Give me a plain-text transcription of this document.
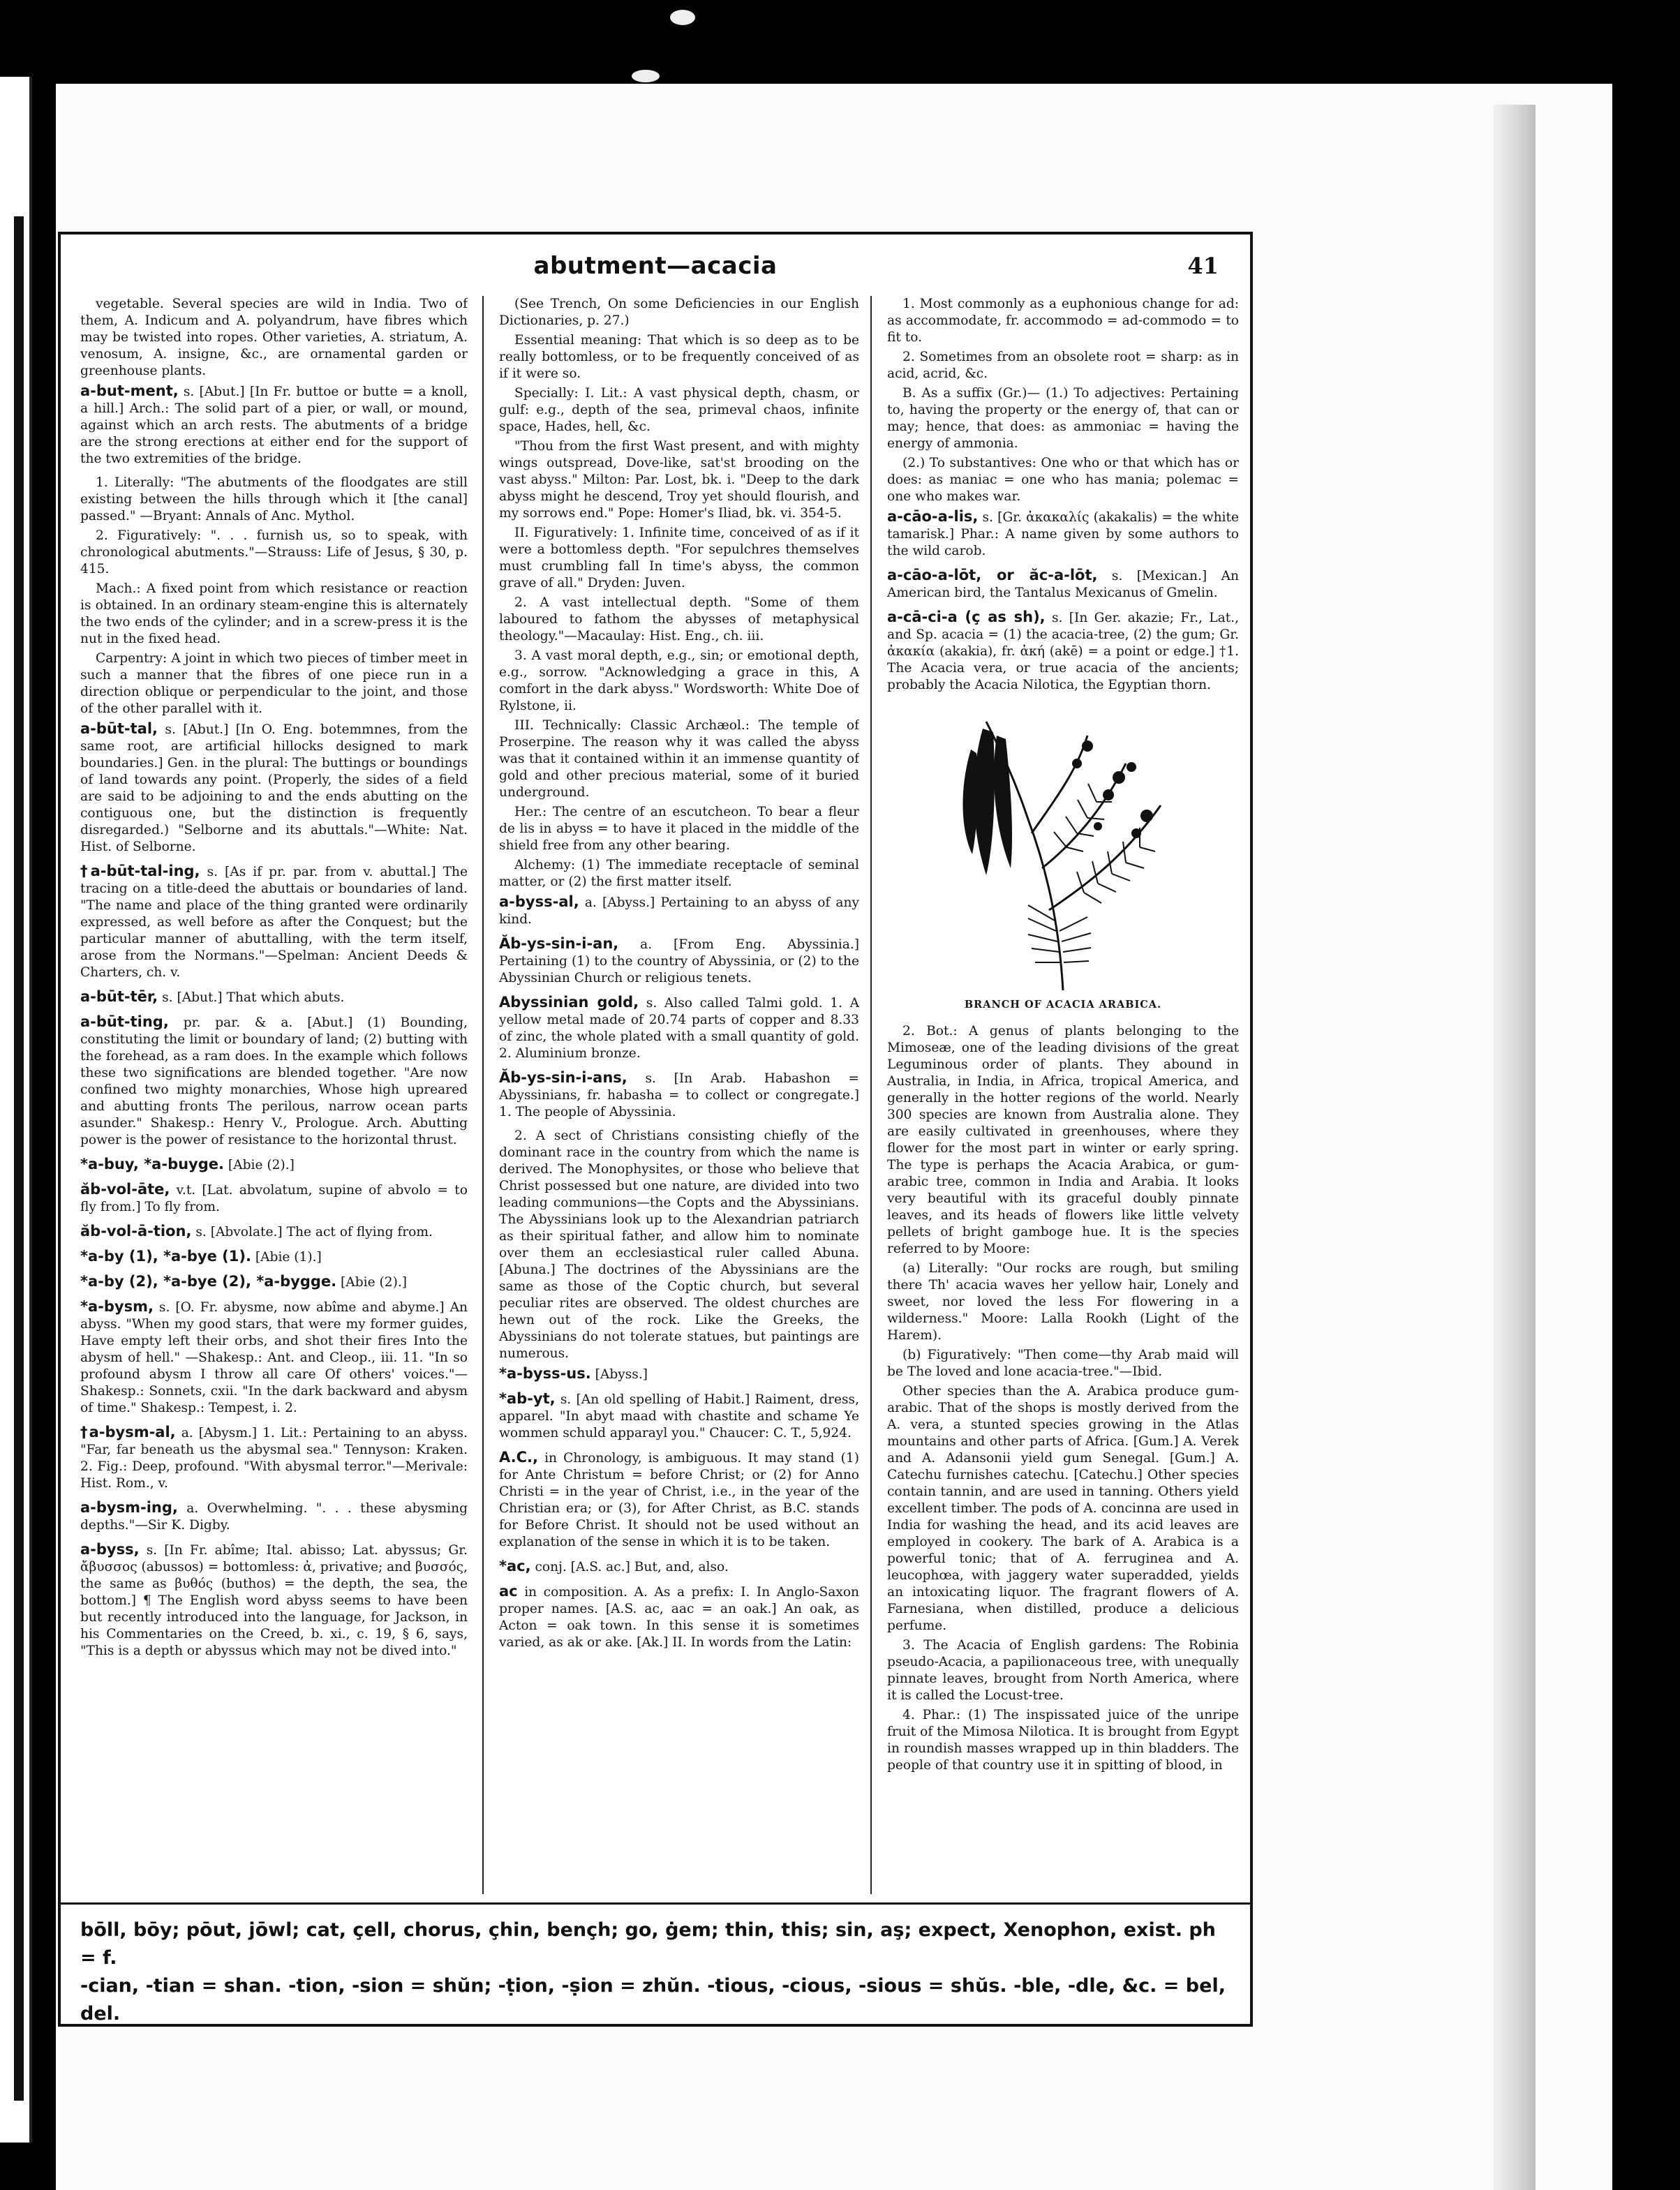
abutment—acacia	41

vegetable. Several species are wild in India. Two of them, A. Indicum and A. polyandrum, have fibres which may be twisted into ropes. Other varieties, A. striatum, A. venosum, A. insigne, &c., are ornamental garden or greenhouse plants.

a-but-ment, s. [Abut.] [In Fr. buttoe or butte = a knoll, a hill.] Arch.: The solid part of a pier, or wall, or mound, against which an arch rests. The abutments of a bridge are the strong erections at either end for the support of the two extremities of the bridge.

1. Literally: "The abutments of the floodgates are still existing between the hills through which it [the canal] passed." —Bryant: Annals of Anc. Mythol.

2. Figuratively: ". . . furnish us, so to speak, with chronological abutments."—Strauss: Life of Jesus, § 30, p. 415.

Mach.: A fixed point from which resistance or reaction is obtained. In an ordinary steam-engine this is alternately the two ends of the cylinder; and in a screw-press it is the nut in the fixed head.

Carpentry: A joint in which two pieces of timber meet in such a manner that the fibres of one piece run in a direction oblique or perpendicular to the joint, and those of the other parallel with it.

a-būt-tal, s. [Abut.] [In O. Eng. botemmnes, from the same root, are artificial hillocks designed to mark boundaries.] Gen. in the plural: The buttings or boundings of land towards any point. (Properly, the sides of a field are said to be adjoining to and the ends abutting on the contiguous one, but the distinction is frequently disregarded.) "Selborne and its abuttals."—White: Nat. Hist. of Selborne.

†a-būt-tal-ing, s. [As if pr. par. from v. abuttal.] The tracing on a title-deed the abuttais or boundaries of land. "The name and place of the thing granted were ordinarily expressed, as well before as after the Conquest; but the particular manner of abuttalling, with the term itself, arose from the Normans."—Spelman: Ancient Deeds & Charters, ch. v.

a-būt-tēr, s. [Abut.] That which abuts.

a-būt-ting, pr. par. & a. [Abut.] (1) Bounding, constituting the limit or boundary of land; (2) butting with the forehead, as a ram does. In the example which follows these two significations are blended together. "Are now confined two mighty monarchies, Whose high upreared and abutting fronts The perilous, narrow ocean parts asunder." Shakesp.: Henry V., Prologue. Arch. Abutting power is the power of resistance to the horizontal thrust.

*a-buy, *a-buyge. [Abie (2).]

ăb-vol-āte, v.t. [Lat. abvolatum, supine of abvolo = to fly from.] To fly from.

ăb-vol-ā-tion, s. [Abvolate.] The act of flying from.

*a-by (1), *a-bye (1). [Abie (1).]

*a-by (2), *a-bye (2), *a-bygge. [Abie (2).]

*a-bysm, s. [O. Fr. abysme, now abîme and abyme.] An abyss. "When my good stars, that were my former guides, Have empty left their orbs, and shot their fires Into the abysm of hell." —Shakesp.: Ant. and Cleop., iii. 11. "In so profound abysm I throw all care Of others' voices."—Shakesp.: Sonnets, cxii. "In the dark backward and abysm of time." Shakesp.: Tempest, i. 2.

†a-bysm-al, a. [Abysm.] 1. Lit.: Pertaining to an abyss. "Far, far beneath us the abysmal sea." Tennyson: Kraken. 2. Fig.: Deep, profound. "With abysmal terror."—Merivale: Hist. Rom., v.

a-bysm-ing, a. Overwhelming. ". . . these abysming depths."—Sir K. Digby.

a-byss, s. [In Fr. abîme; Ital. abisso; Lat. abyssus; Gr. ἄβυσσος (abussos) = bottomless: ἀ, privative; and βυσσός, the same as βυθός (buthos) = the depth, the sea, the bottom.] ¶ The English word abyss seems to have been but recently introduced into the language, for Jackson, in his Commentaries on the Creed, b. xi., c. 19, § 6, says, "This is a depth or abyssus which may not be dived into."

(See Trench, On some Deficiencies in our English Dictionaries, p. 27.)

Essential meaning: That which is so deep as to be really bottomless, or to be frequently conceived of as if it were so.

Specially: I. Lit.: A vast physical depth, chasm, or gulf: e.g., depth of the sea, primeval chaos, infinite space, Hades, hell, &c.

"Thou from the first Wast present, and with mighty wings outspread, Dove-like, sat'st brooding on the vast abyss." Milton: Par. Lost, bk. i. "Deep to the dark abyss might he descend, Troy yet should flourish, and my sorrows end." Pope: Homer's Iliad, bk. vi. 354-5.

II. Figuratively: 1. Infinite time, conceived of as if it were a bottomless depth. "For sepulchres themselves must crumbling fall In time's abyss, the common grave of all." Dryden: Juven.

2. A vast intellectual depth. "Some of them laboured to fathom the abysses of metaphysical theology."—Macaulay: Hist. Eng., ch. iii.

3. A vast moral depth, e.g., sin; or emotional depth, e.g., sorrow. "Acknowledging a grace in this, A comfort in the dark abyss." Wordsworth: White Doe of Rylstone, ii.

III. Technically: Classic Archæol.: The temple of Proserpine. The reason why it was called the abyss was that it contained within it an immense quantity of gold and other precious material, some of it buried underground.

Her.: The centre of an escutcheon. To bear a fleur de lis in abyss = to have it placed in the middle of the shield free from any other bearing.

Alchemy: (1) The immediate receptacle of seminal matter, or (2) the first matter itself.

a-byss-al, a. [Abyss.] Pertaining to an abyss of any kind.

Ăb-ys-sin-i-an, a. [From Eng. Abyssinia.] Pertaining (1) to the country of Abyssinia, or (2) to the Abyssinian Church or religious tenets.

Abyssinian gold, s. Also called Talmi gold. 1. A yellow metal made of 20.74 parts of copper and 8.33 of zinc, the whole plated with a small quantity of gold. 2. Aluminium bronze.

Ăb-ys-sin-i-ans, s. [In Arab. Habashon = Abyssinians, fr. habasha = to collect or congregate.] 1. The people of Abyssinia.

2. A sect of Christians consisting chiefly of the dominant race in the country from which the name is derived. The Monophysites, or those who believe that Christ possessed but one nature, are divided into two leading communions—the Copts and the Abyssinians. The Abyssinians look up to the Alexandrian patriarch as their spiritual father, and allow him to nominate over them an ecclesiastical ruler called Abuna. [Abuna.] The doctrines of the Abyssinians are the same as those of the Coptic church, but several peculiar rites are observed. The oldest churches are hewn out of the rock. Like the Greeks, the Abyssinians do not tolerate statues, but paintings are numerous.

*a-byss-us. [Abyss.]

*ab-yt, s. [An old spelling of Habit.] Raiment, dress, apparel. "In abyt maad with chastite and schame Ye wommen schuld apparayl you." Chaucer: C. T., 5,924.

A.C., in Chronology, is ambiguous. It may stand (1) for Ante Christum = before Christ; or (2) for Anno Christi = in the year of Christ, i.e., in the year of the Christian era; or (3), for After Christ, as B.C. stands for Before Christ. It should not be used without an explanation of the sense in which it is to be taken.

*ac, conj. [A.S. ac.] But, and, also.

ac in composition. A. As a prefix: I. In Anglo-Saxon proper names. [A.S. ac, aac = an oak.] An oak, as Acton = oak town. In this sense it is sometimes varied, as ak or ake. [Ak.] II. In words from the Latin:

1. Most commonly as a euphonious change for ad: as accommodate, fr. accommodo = ad-commodo = to fit to.

2. Sometimes from an obsolete root = sharp: as in acid, acrid, &c.

B. As a suffix (Gr.)— (1.) To adjectives: Pertaining to, having the property or the energy of, that can or may; hence, that does: as ammoniac = having the energy of ammonia.

(2.) To substantives: One who or that which has or does: as maniac = one who has mania; polemac = one who makes war.

a-cāo-a-lis, s. [Gr. ἀκακαλίς (akakalis) = the white tamarisk.] Phar.: A name given by some authors to the wild carob.

a-cāo-a-lōt, or ăc-a-lōt, s. [Mexican.] An American bird, the Tantalus Mexicanus of Gmelin.

a-cā-ci-a (ç as sh), s. [In Ger. akazie; Fr., Lat., and Sp. acacia = (1) the acacia-tree, (2) the gum; Gr. ἀκακία (akakia), fr. ἀκή (akē) = a point or edge.] †1. The Acacia vera, or true acacia of the ancients; probably the Acacia Nilotica, the Egyptian thorn.

BRANCH OF ACACIA ARABICA.

2. Bot.: A genus of plants belonging to the Mimoseæ, one of the leading divisions of the great Leguminous order of plants. They abound in Australia, in India, in Africa, tropical America, and generally in the hotter regions of the world. Nearly 300 species are known from Australia alone. They are easily cultivated in greenhouses, where they flower for the most part in winter or early spring. The type is perhaps the Acacia Arabica, or gum-arabic tree, common in India and Arabia. It looks very beautiful with its graceful doubly pinnate leaves, and its heads of flowers like little velvety pellets of bright gamboge hue. It is the species referred to by Moore:

(a) Literally: "Our rocks are rough, but smiling there Th' acacia waves her yellow hair, Lonely and sweet, nor loved the less For flowering in a wilderness." Moore: Lalla Rookh (Light of the Harem).

(b) Figuratively: "Then come—thy Arab maid will be The loved and lone acacia-tree."—Ibid.

Other species than the A. Arabica produce gum-arabic. That of the shops is mostly derived from the A. vera, a stunted species growing in the Atlas mountains and other parts of Africa. [Gum.] A. Verek and A. Adansonii yield gum Senegal. [Gum.] A. Catechu furnishes catechu. [Catechu.] Other species contain tannin, and are used in tanning. Others yield excellent timber. The pods of A. concinna are used in India for washing the head, and its acid leaves are employed in cookery. The bark of A. Arabica is a powerful tonic; that of A. ferruginea and A. leucophœa, with jaggery water superadded, yields an intoxicating liquor. The fragrant flowers of A. Farnesiana, when distilled, produce a delicious perfume.

3. The Acacia of English gardens: The Robinia pseudo-Acacia, a papilionaceous tree, with unequally pinnate leaves, brought from North America, where it is called the Locust-tree.

4. Phar.: (1) The inspissated juice of the unripe fruit of the Mimosa Nilotica. It is brought from Egypt in roundish masses wrapped up in thin bladders. The people of that country use it in spitting of blood, in

bōll, bōy; pōut, jōwl; cat, çell, chorus, çhin, bençh; go, ġem; thin, this; sin, aş; expect, Xenophon, exist. ph = f.
-cian, -tian = shan. -tion, -sion = shŭn; -ṭion, -ṣion = zhŭn. -tious, -cious, -sious = shŭs. -ble, -dle, &c. = bel, del.
